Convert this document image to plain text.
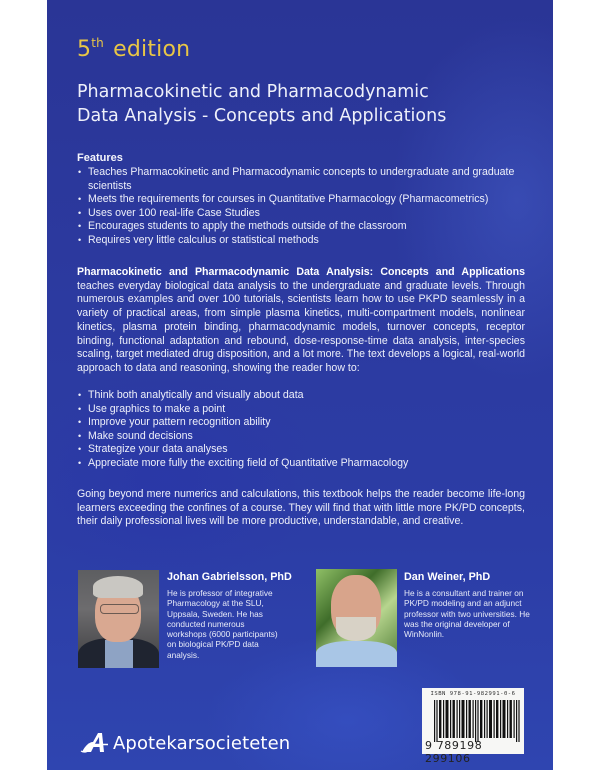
5th edition
Pharmacokinetic and Pharmacodynamic
Data Analysis - Concepts and Applications
Features
• Teaches Pharmacokinetic and Pharmacodynamic concepts to undergraduate and graduate scientists
• Meets the requirements for courses in Quantitative Pharmacology (Pharmacometrics)
• Uses over 100 real-life Case Studies
• Encourages students to apply the methods outside of the classroom
• Requires very little calculus or statistical methods
Pharmacokinetic and Pharmacodynamic Data Analysis: Concepts and Applications teaches everyday biological data analysis to the undergraduate and graduate levels. Through numerous examples and over 100 tutorials, scientists learn how to use PKPD seamlessly in a variety of practical areas, from simple plasma kinetics, multi-compartment models, nonlinear kinetics, plasma protein binding, pharmacodynamic models, turnover concepts, receptor binding, functional adaptation and rebound, dose-response-time data analysis, inter-species scaling, target mediated drug disposition, and a lot more. The text develops a logical, real-world approach to data and reasoning, showing the reader how to:
• Think both analytically and visually about data
• Use graphics to make a point
• Improve your pattern recognition ability
• Make sound decisions
• Strategize your data analyses
• Appreciate more fully the exciting field of Quantitative Pharmacology
Going beyond mere numerics and calculations, this textbook helps the reader become life-long learners exceeding the confines of a course. They will find that with little more PK/PD concepts, their daily professional lives will be more productive, understandable, and creative.
Johan Gabrielsson, PhD
He is professor of integrative Pharmacology at the SLU, Uppsala, Sweden. He has conducted numerous workshops (6000 participants) on biological PK/PD data analysis.
Dan Weiner, PhD
He is a consultant and trainer on PK/PD modeling and an adjunct professor with two universities. He was the original developer of WinNonlin.
Apotekarsocieteten
ISBN 978-91-982991-0-6
9 789198 299106
